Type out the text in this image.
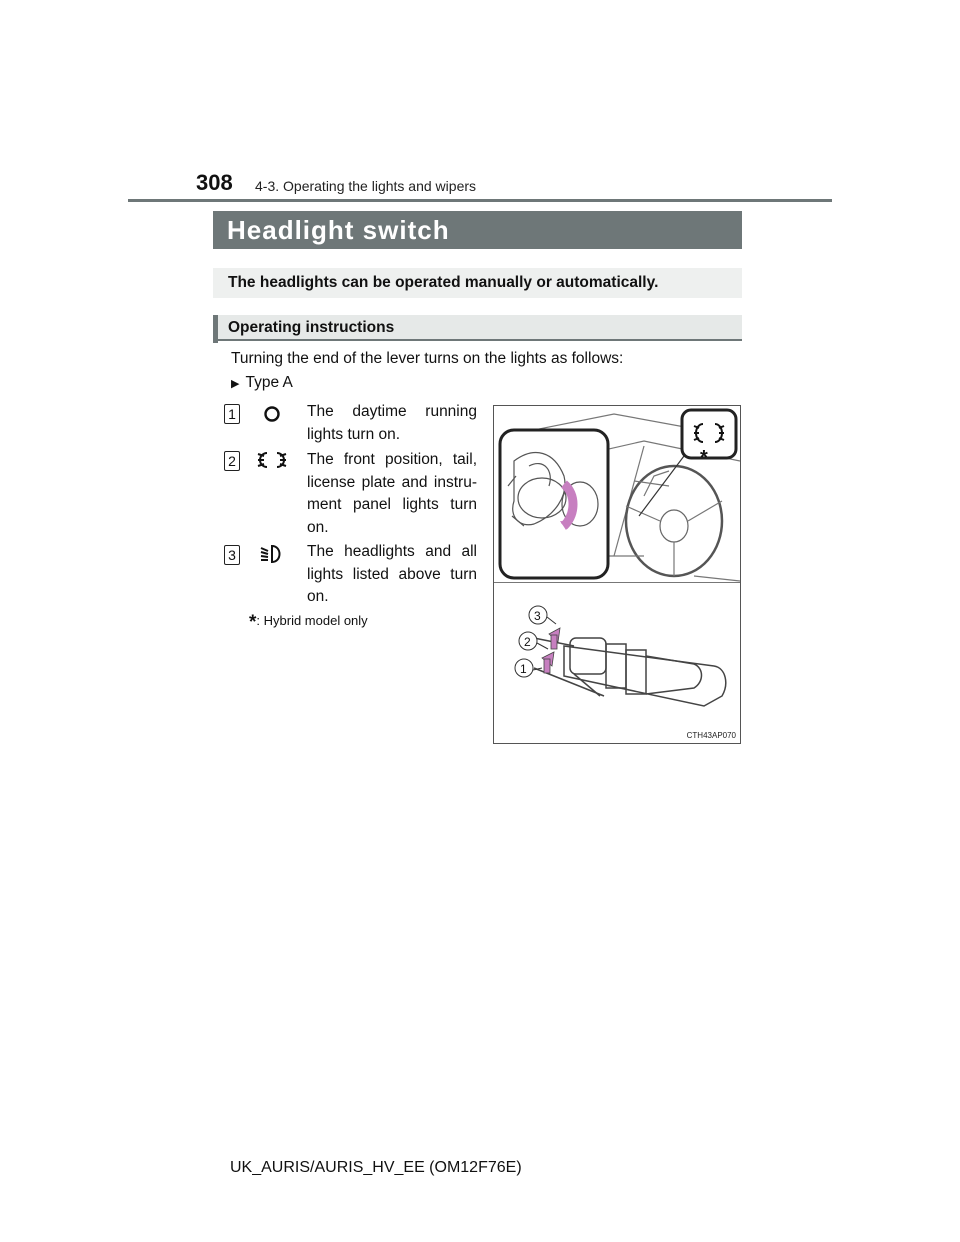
308 4-3. Operating the lights and wipers
Headlight switch
The headlights can be operated manually or automatically.
Operating instructions
Turning the end of the lever turns on the lights as follows:
▶ Type A
1	The daytime running lights turn on.
2	The front position, tail, license plate and instru- ment panel lights turn on.
3	The headlights and all lights listed above turn on.
*: Hybrid model only
*
3
2
1
CTH43AP070
UK_AURIS/AURIS_HV_EE (OM12F76E)
